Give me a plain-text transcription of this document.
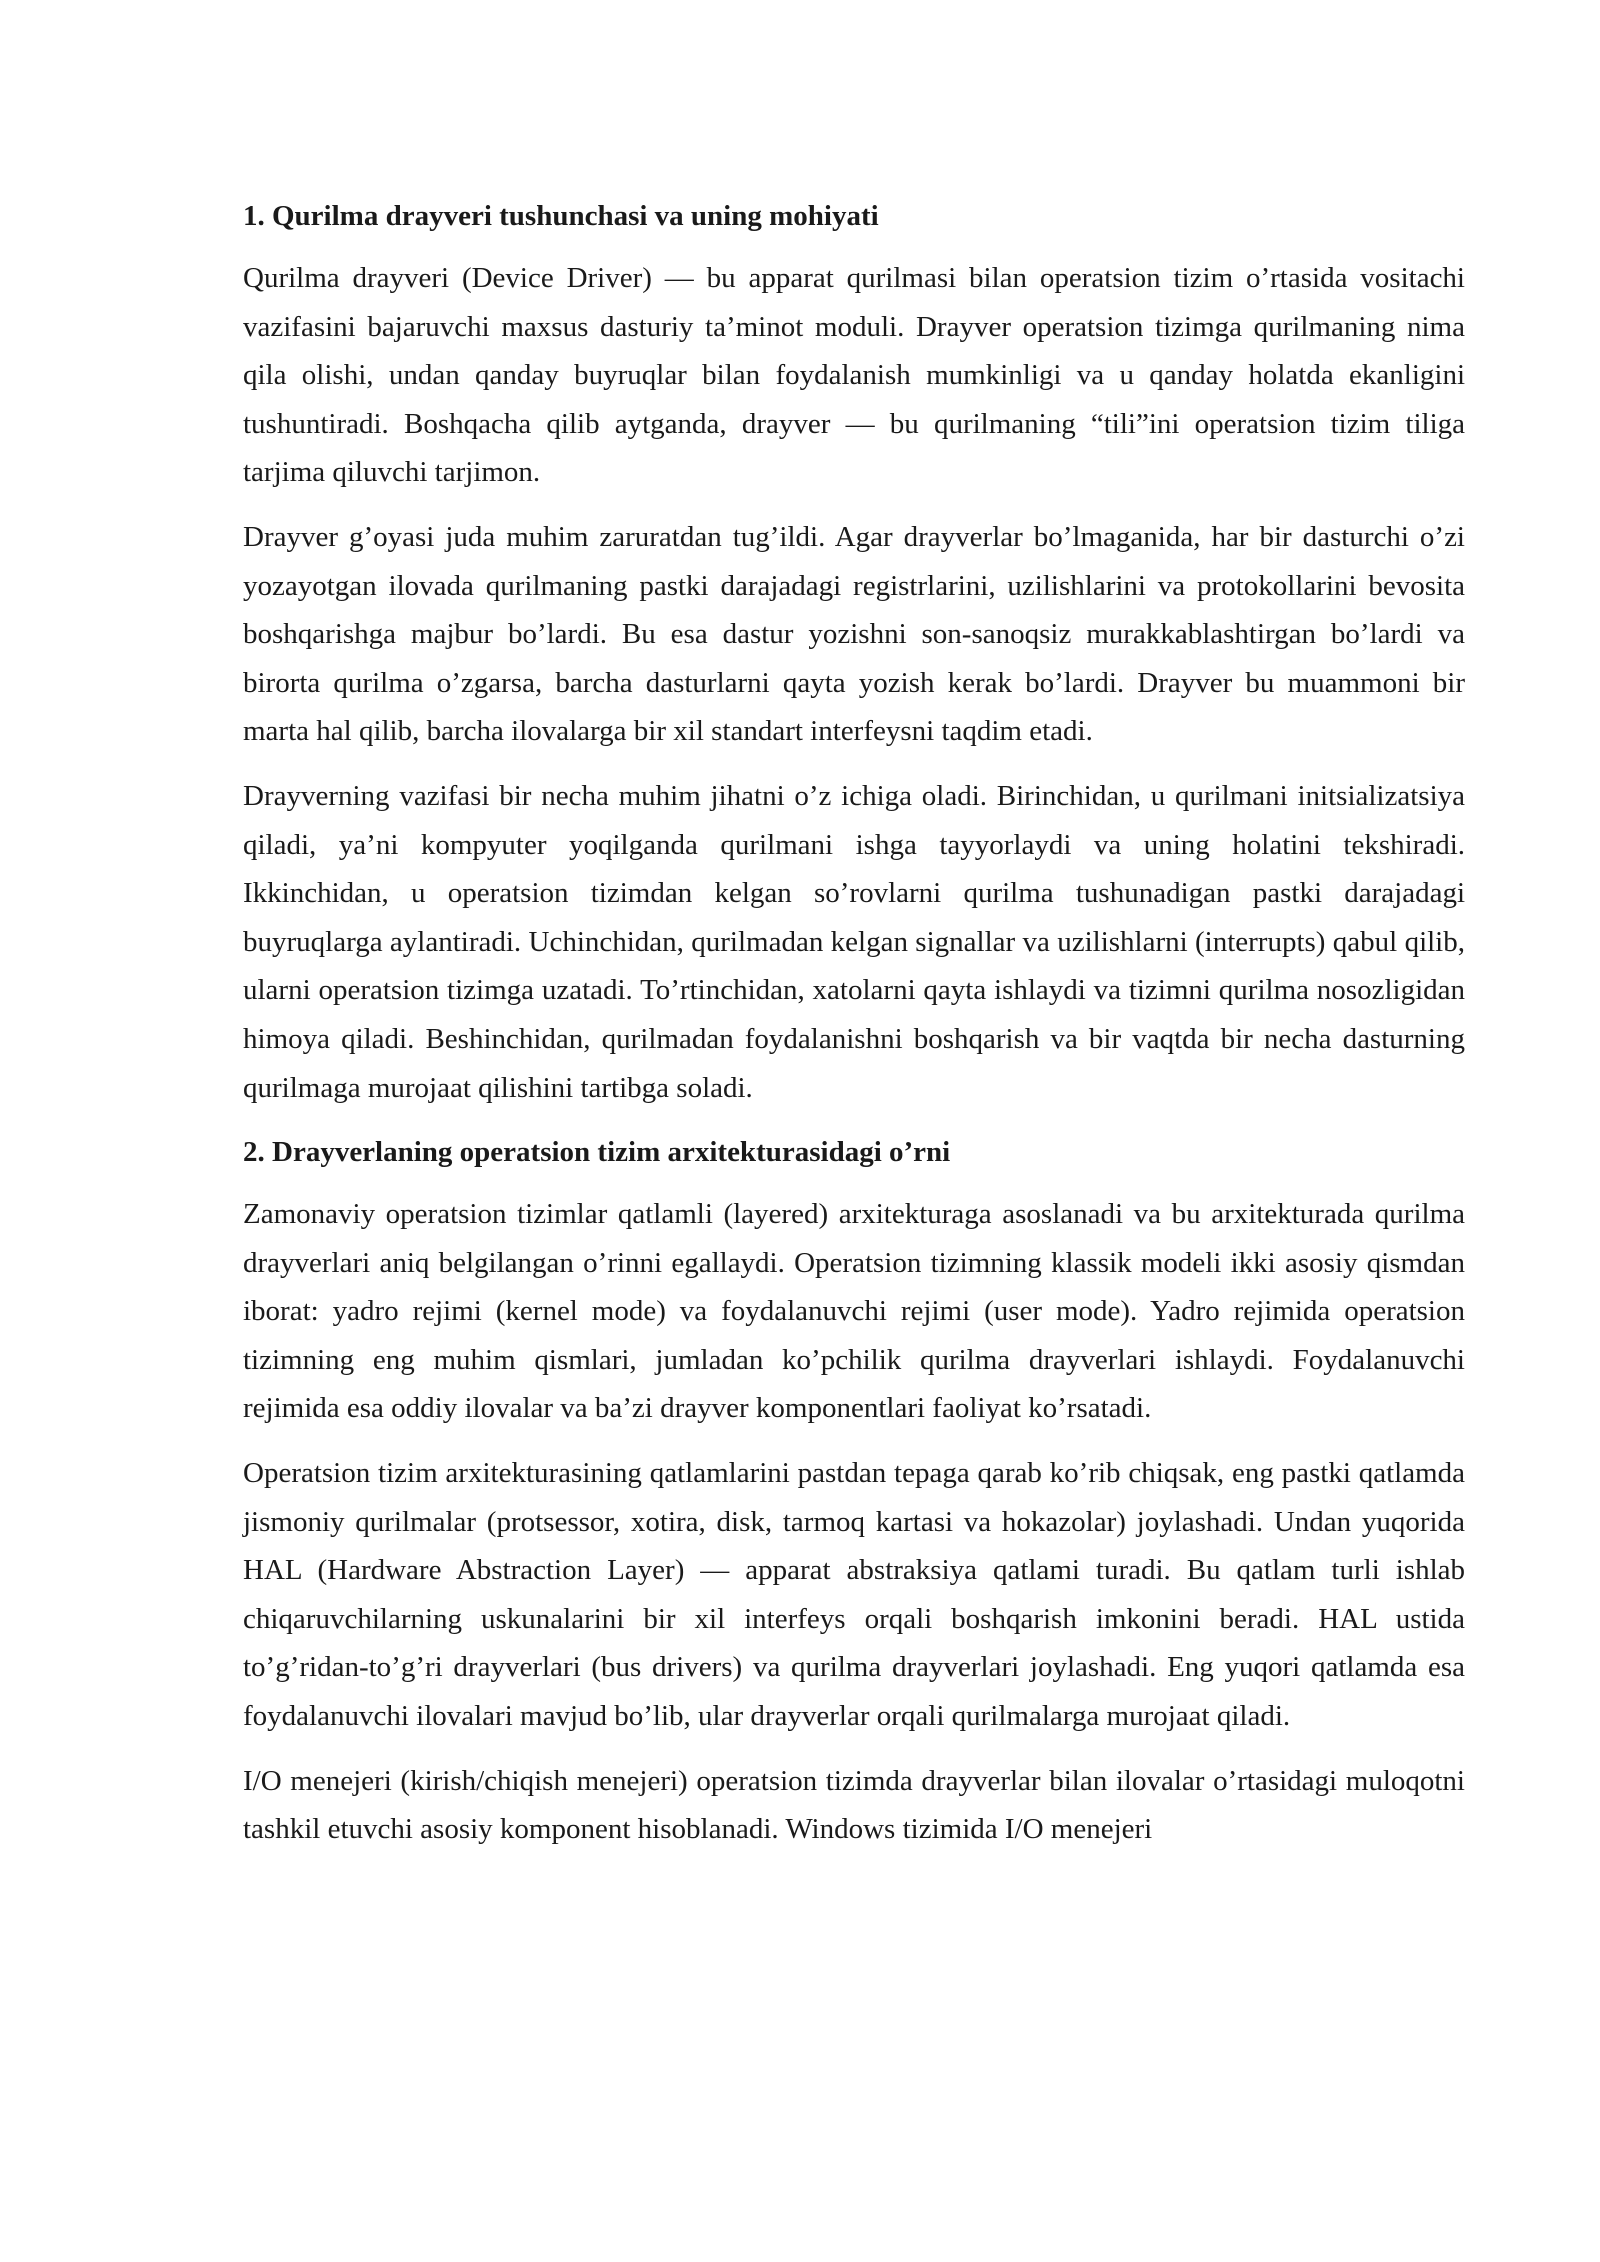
1. Qurilma drayveri tushunchasi va uning mohiyati

Qurilma drayveri (Device Driver) — bu apparat qurilmasi bilan operatsion tizim o’rtasida vositachi vazifasini bajaruvchi maxsus dasturiy ta’minot moduli. Drayver operatsion tizimga qurilmaning nima qila olishi, undan qanday buyruqlar bilan foydalanish mumkinligi va u qanday holatda ekanligini tushuntiradi. Boshqacha qilib aytganda, drayver — bu qurilmaning “tili”ini operatsion tizim tiliga tarjima qiluvchi tarjimon.

Drayver g’oyasi juda muhim zaruratdan tug’ildi. Agar drayverlar bo’lmaganida, har bir dasturchi o’zi yozayotgan ilovada qurilmaning pastki darajadagi registrlarini, uzilishlarini va protokollarini bevosita boshqarishga majbur bo’lardi. Bu esa dastur yozishni son-sanoqsiz murakkablashtirgan bo’lardi va birorta qurilma o’zgarsa, barcha dasturlarni qayta yozish kerak bo’lardi. Drayver bu muammoni bir marta hal qilib, barcha ilovalarga bir xil standart interfeysni taqdim etadi.

Drayverning vazifasi bir necha muhim jihatni o’z ichiga oladi. Birinchidan, u qurilmani initsializatsiya qiladi, ya’ni kompyuter yoqilganda qurilmani ishga tayyorlaydi va uning holatini tekshiradi. Ikkinchidan, u operatsion tizimdan kelgan so’rovlarni qurilma tushunadigan pastki darajadagi buyruqlarga aylantiradi. Uchinchidan, qurilmadan kelgan signallar va uzilishlarni (interrupts) qabul qilib, ularni operatsion tizimga uzatadi. To’rtinchidan, xatolarni qayta ishlaydi va tizimni qurilma nosozligidan himoya qiladi. Beshinchidan, qurilmadan foydalanishni boshqarish va bir vaqtda bir necha dasturning qurilmaga murojaat qilishini tartibga soladi.

2. Drayverlaning operatsion tizim arxitekturasidagi o’rni

Zamonaviy operatsion tizimlar qatlamli (layered) arxitekturaga asoslanadi va bu arxitekturada qurilma drayverlari aniq belgilangan o’rinni egallaydi. Operatsion tizimning klassik modeli ikki asosiy qismdan iborat: yadro rejimi (kernel mode) va foydalanuvchi rejimi (user mode). Yadro rejimida operatsion tizimning eng muhim qismlari, jumladan ko’pchilik qurilma drayverlari ishlaydi. Foydalanuvchi rejimida esa oddiy ilovalar va ba’zi drayver komponentlari faoliyat ko’rsatadi.

Operatsion tizim arxitekturasining qatlamlarini pastdan tepaga qarab ko’rib chiqsak, eng pastki qatlamda jismoniy qurilmalar (protsessor, xotira, disk, tarmoq kartasi va hokazolar) joylashadi. Undan yuqorida HAL (Hardware Abstraction Layer) — apparat abstraksiya qatlami turadi. Bu qatlam turli ishlab chiqaruvchilarning uskunalarini bir xil interfeys orqali boshqarish imkonini beradi. HAL ustida to’g’ridan-to’g’ri drayverlari (bus drivers) va qurilma drayverlari joylashadi. Eng yuqori qatlamda esa foydalanuvchi ilovalari mavjud bo’lib, ular drayverlar orqali qurilmalarga murojaat qiladi.

I/O menejeri (kirish/chiqish menejeri) operatsion tizimda drayverlar bilan ilovalar o’rtasidagi muloqotni tashkil etuvchi asosiy komponent hisoblanadi. Windows tizimida I/O menejeri
